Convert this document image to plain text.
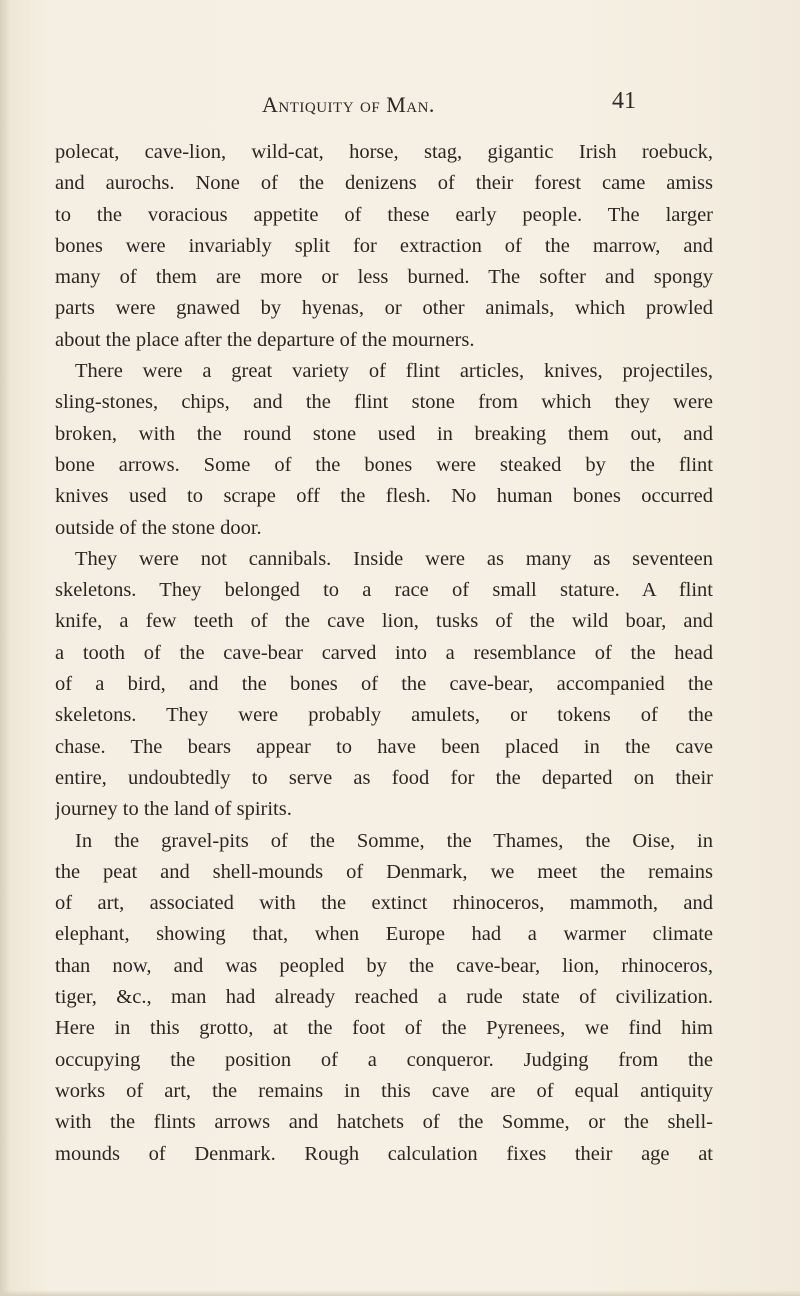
Antiquity of Man.	41
polecat, cave-lion, wild-cat, horse, stag, gigantic Irish roebuck,
and aurochs. None of the denizens of their forest came amiss
to the voracious appetite of these early people. The larger
bones were invariably split for extraction of the marrow, and
many of them are more or less burned. The softer and spongy
parts were gnawed by hyenas, or other animals, which prowled
about the place after the departure of the mourners.
There were a great variety of flint articles, knives, projectiles,
sling-stones, chips, and the flint stone from which they were
broken, with the round stone used in breaking them out, and
bone arrows. Some of the bones were steaked by the flint
knives used to scrape off the flesh. No human bones occurred
outside of the stone door.
They were not cannibals. Inside were as many as seventeen
skeletons. They belonged to a race of small stature. A flint
knife, a few teeth of the cave lion, tusks of the wild boar, and
a tooth of the cave-bear carved into a resemblance of the head
of a bird, and the bones of the cave-bear, accompanied the
skeletons. They were probably amulets, or tokens of the
chase. The bears appear to have been placed in the cave
entire, undoubtedly to serve as food for the departed on their
journey to the land of spirits.
In the gravel-pits of the Somme, the Thames, the Oise, in
the peat and shell-mounds of Denmark, we meet the remains
of art, associated with the extinct rhinoceros, mammoth, and
elephant, showing that, when Europe had a warmer climate
than now, and was peopled by the cave-bear, lion, rhinoceros,
tiger, &c., man had already reached a rude state of civilization.
Here in this grotto, at the foot of the Pyrenees, we find him
occupying the position of a conqueror. Judging from the
works of art, the remains in this cave are of equal antiquity
with the flints arrows and hatchets of the Somme, or the shell-
mounds of Denmark. Rough calculation fixes their age at
